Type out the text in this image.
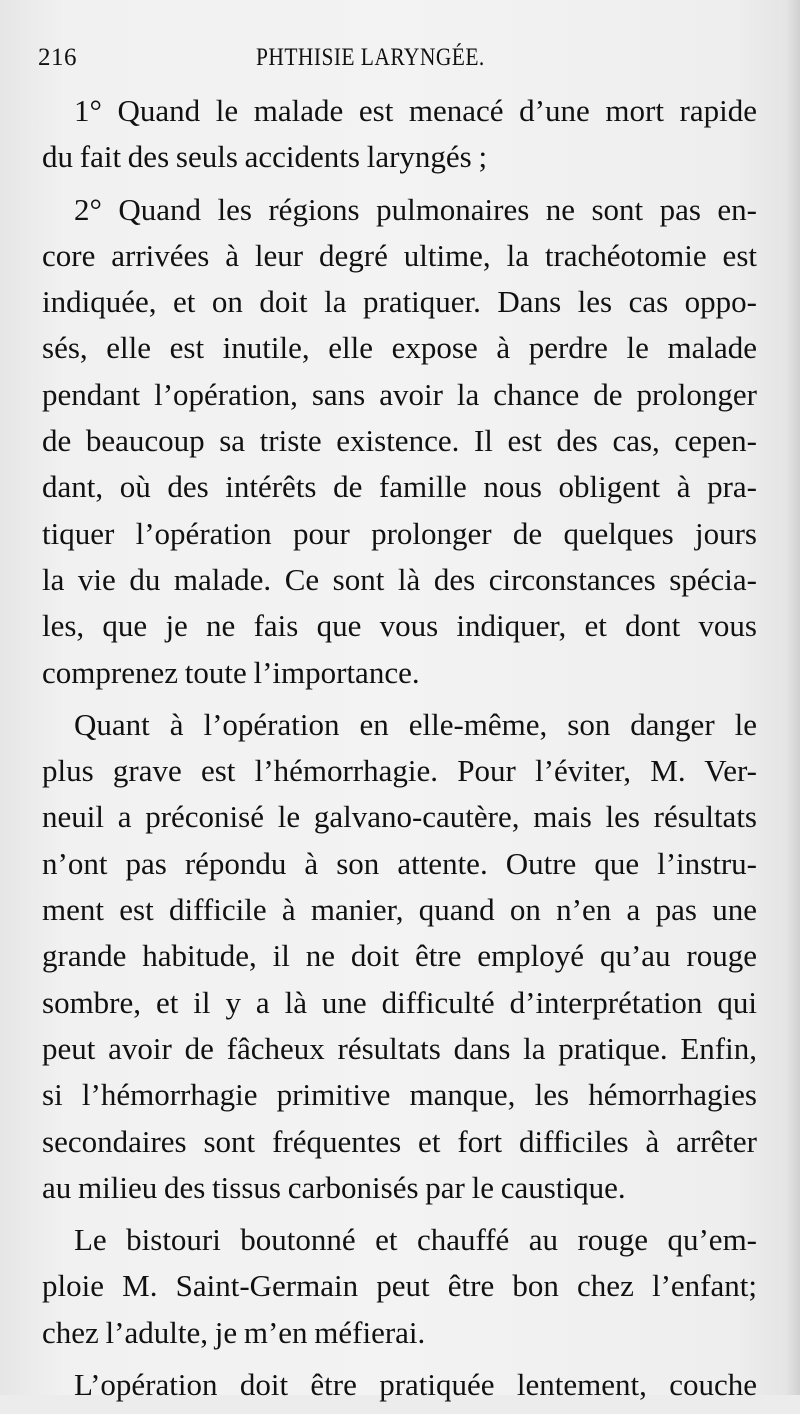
216	PHTHISIE LARYNGÉE.
1° Quand le malade est menacé d’une mort rapide
du fait des seuls accidents laryngés ;
2° Quand les régions pulmonaires ne sont pas en-
core arrivées à leur degré ultime, la trachéotomie est
indiquée, et on doit la pratiquer. Dans les cas oppo-
sés, elle est inutile, elle expose à perdre le malade
pendant l’opération, sans avoir la chance de prolonger
de beaucoup sa triste existence. Il est des cas, cepen-
dant, où des intérêts de famille nous obligent à pra-
tiquer l’opération pour prolonger de quelques jours
la vie du malade. Ce sont là des circonstances spécia-
les, que je ne fais que vous indiquer, et dont vous
comprenez toute l’importance.
Quant à l’opération en elle-même, son danger le
plus grave est l’hémorrhagie. Pour l’éviter, M. Ver-
neuil a préconisé le galvano-cautère, mais les résultats
n’ont pas répondu à son attente. Outre que l’instru-
ment est difficile à manier, quand on n’en a pas une
grande habitude, il ne doit être employé qu’au rouge
sombre, et il y a là une difficulté d’interprétation qui
peut avoir de fâcheux résultats dans la pratique. Enfin,
si l’hémorrhagie primitive manque, les hémorrhagies
secondaires sont fréquentes et fort difficiles à arrêter
au milieu des tissus carbonisés par le caustique.
Le bistouri boutonné et chauffé au rouge qu’em-
ploie M. Saint-Germain peut être bon chez l’enfant;
chez l’adulte, je m’en méfierai.
L’opération doit être pratiquée lentement, couche
